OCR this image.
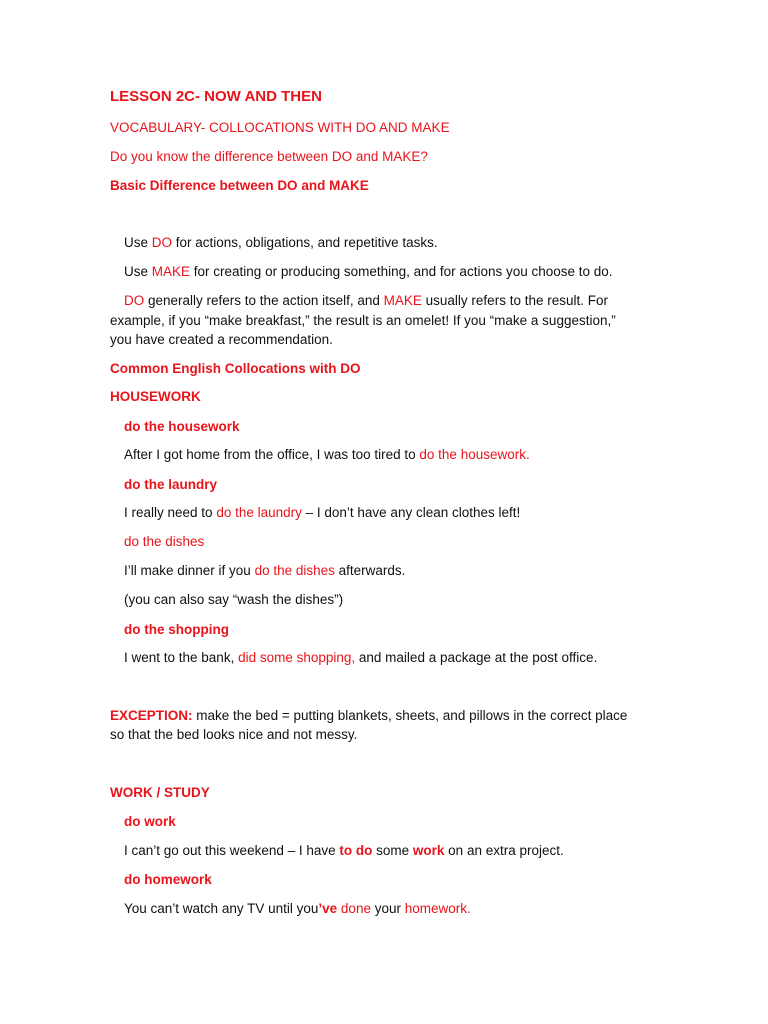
LESSON 2C- NOW AND THEN

VOCABULARY- COLLOCATIONS WITH DO AND MAKE

Do you know the difference between DO and MAKE?

Basic Difference between DO and MAKE

Use DO for actions, obligations, and repetitive tasks.

Use MAKE for creating or producing something, and for actions you choose to do.

DO generally refers to the action itself, and MAKE usually refers to the result. For

example, if you “make breakfast,” the result is an omelet! If you “make a suggestion,”

you have created a recommendation.

Common English Collocations with DO

HOUSEWORK

do the housework

After I got home from the office, I was too tired to do the housework.

do the laundry

I really need to do the laundry – I don’t have any clean clothes left!

do the dishes

I’ll make dinner if you do the dishes afterwards.

(you can also say “wash the dishes”)

do the shopping

I went to the bank, did some shopping, and mailed a package at the post office.

EXCEPTION: make the bed = putting blankets, sheets, and pillows in the correct place

so that the bed looks nice and not messy.

WORK / STUDY

do work

I can’t go out this weekend – I have to do some work on an extra project.

do homework

You can’t watch any TV until you’ve done your homework.
